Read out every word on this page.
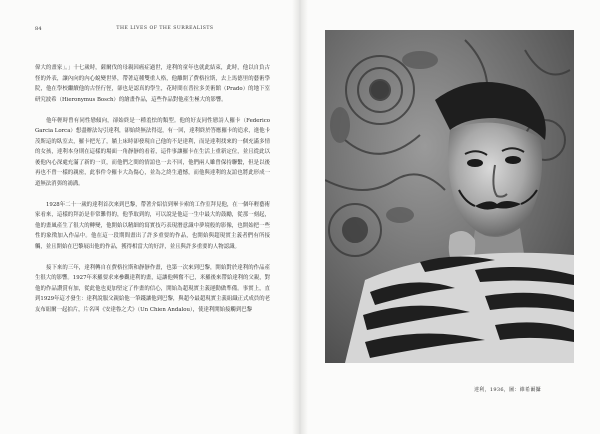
84	THE LIVES OF THE SURREALISTS

偉大的畫家」。」十七歲時，薩爾伐的母親因癌症過世，達利的童年也就此結束，此時，他以自負古怪的外表，讓內向的內心蛻變世界，帶著這種雙重人格，他離開了費格拉斯，去上馬德里的藝術學院，他在學校繼續他的古怪行徑，卻也是認真的學生，花時間在普拉多美術館（Prado）的地下室研究波希（Hieronymus Bosch）的繪畫作品，這些作品對他產生極大的影響。

他年輕時曾有同性戀傾向，卻始終是一種羞怯的類型。他的好友同性戀詩人羅卡（Federico Garcia Lorca）想盡辦法勾引達利，卻始終無法得逞，有一回，達利終於答應羅卡的追求，進他卡茂斯這的臥室去，羅卡把光了，躺上床時卻發現自己他的不是達利，而是達利找來的一個充滿多情的女孩，達利本身則在這樣的場面一角靜靜的看着，這件事讓羅卡在生活上重新定位，並且從此以後他內心深處充滿了新的一頁，而他們之間的情誼也一去不回，他們兩人雖曾保持聯繫，但是以後再也不曾一樣的親密，此事件令羅卡大為傷心，並為之終生遺憾，而他與達利的友誼也將此形成一道無法消弭的鴻溝。

1928年二十一歲的達利首次來到巴黎，帶著介紹信到畢卡索的工作室拜見他，在一個年輕藝術家看來，這樣的拜訪是非常難得的，他爭取到的，可以說是他這一生中最大的鼓勵，從那一刻起，他的畫風產生了很大的轉變，他開始以精細的寫實技巧表現潛意識中夢境般的影像，也開始把一些性的象徵加入作品中。他在這一段期間畫出了許多重要的作品，也開始與超現實主義者們有所接觸，並且開始在巴黎展出他的作品，獲得相當大的好評，並且與許多重要的人物認識。

接下來的三年，達利轉自在費格拉斯和靜靜作畫，也第一次來到巴黎，開始對於達利的作品產生很大的影響。1927年米羅要求來參觀達利的畫，這讓他興奮不已，米羅後來帶給達利的父親，對他的作品讚賞有加，從此他也更加堅定了作畫的信心，開始為超現實主義運動做準備。事實上，直到1929年這才發生：達利說服父親給他一筆錢讓他到巴黎，與超今最超現實主義組織正式成員的老友布紐爾一起拍片，片名叫《安達魯之犬》（Un Chien Andalou），使達利開始接觸到巴黎

達利，1936，圖：維希爾攝
